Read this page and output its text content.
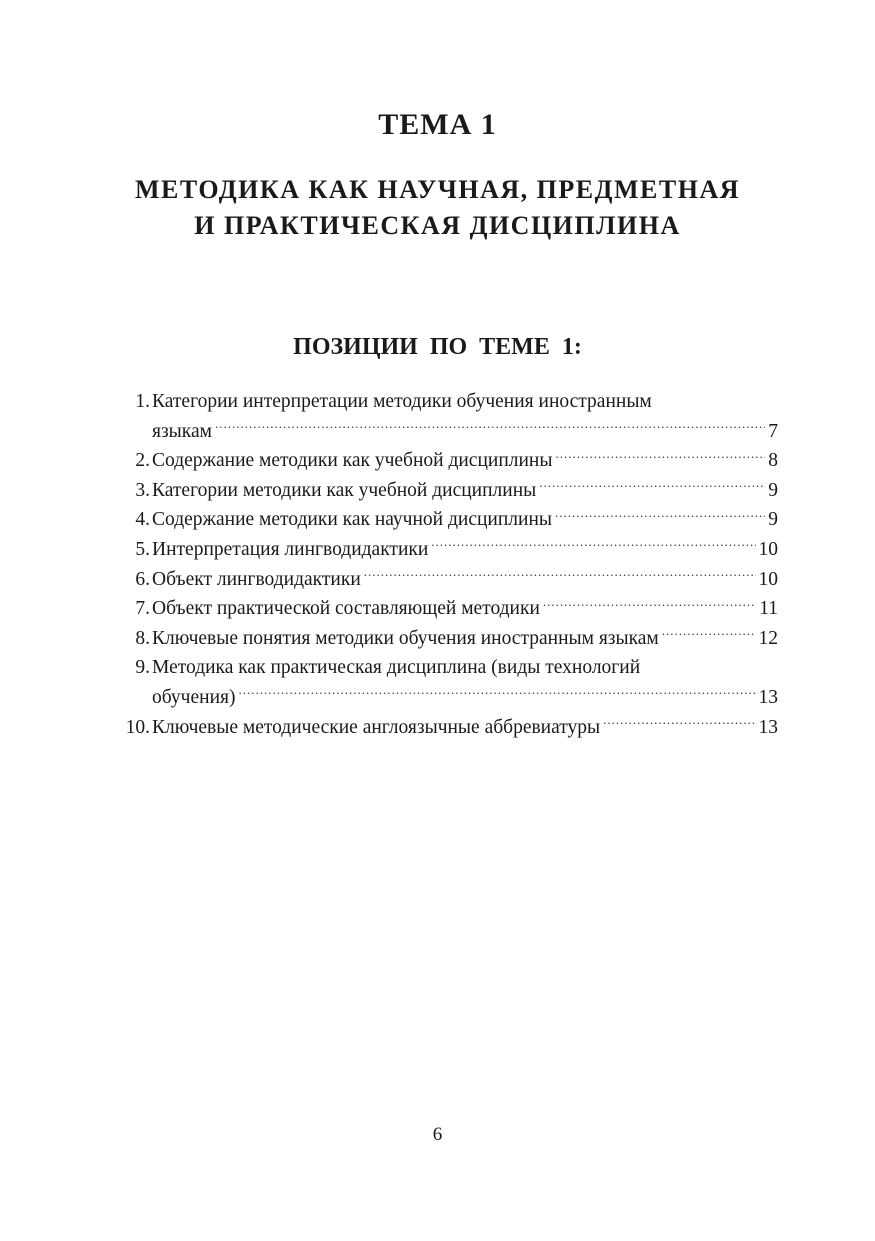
ТЕМА 1
МЕТОДИКА КАК НАУЧНАЯ, ПРЕДМЕТНАЯ
И ПРАКТИЧЕСКАЯ ДИСЦИПЛИНА
ПОЗИЦИИ ПО ТЕМЕ 1:
1. Категории интерпретации методики обучения иностранным
языкам .....	7
2. Содержание методики как учебной дисциплины .....	8
3. Категории методики как учебной дисциплины .....	9
4. Содержание методики как научной дисциплины .....	9
5. Интерпретация лингводидактики .....	10
6. Объект лингводидактики .....	10
7. Объект практической составляющей методики .....	11
8. Ключевые понятия методики обучения иностранным языкам .....	12
9. Методика как практическая дисциплина (виды технологий
обучения) .....	13
10. Ключевые методические англоязычные аббревиатуры .....	13

6
